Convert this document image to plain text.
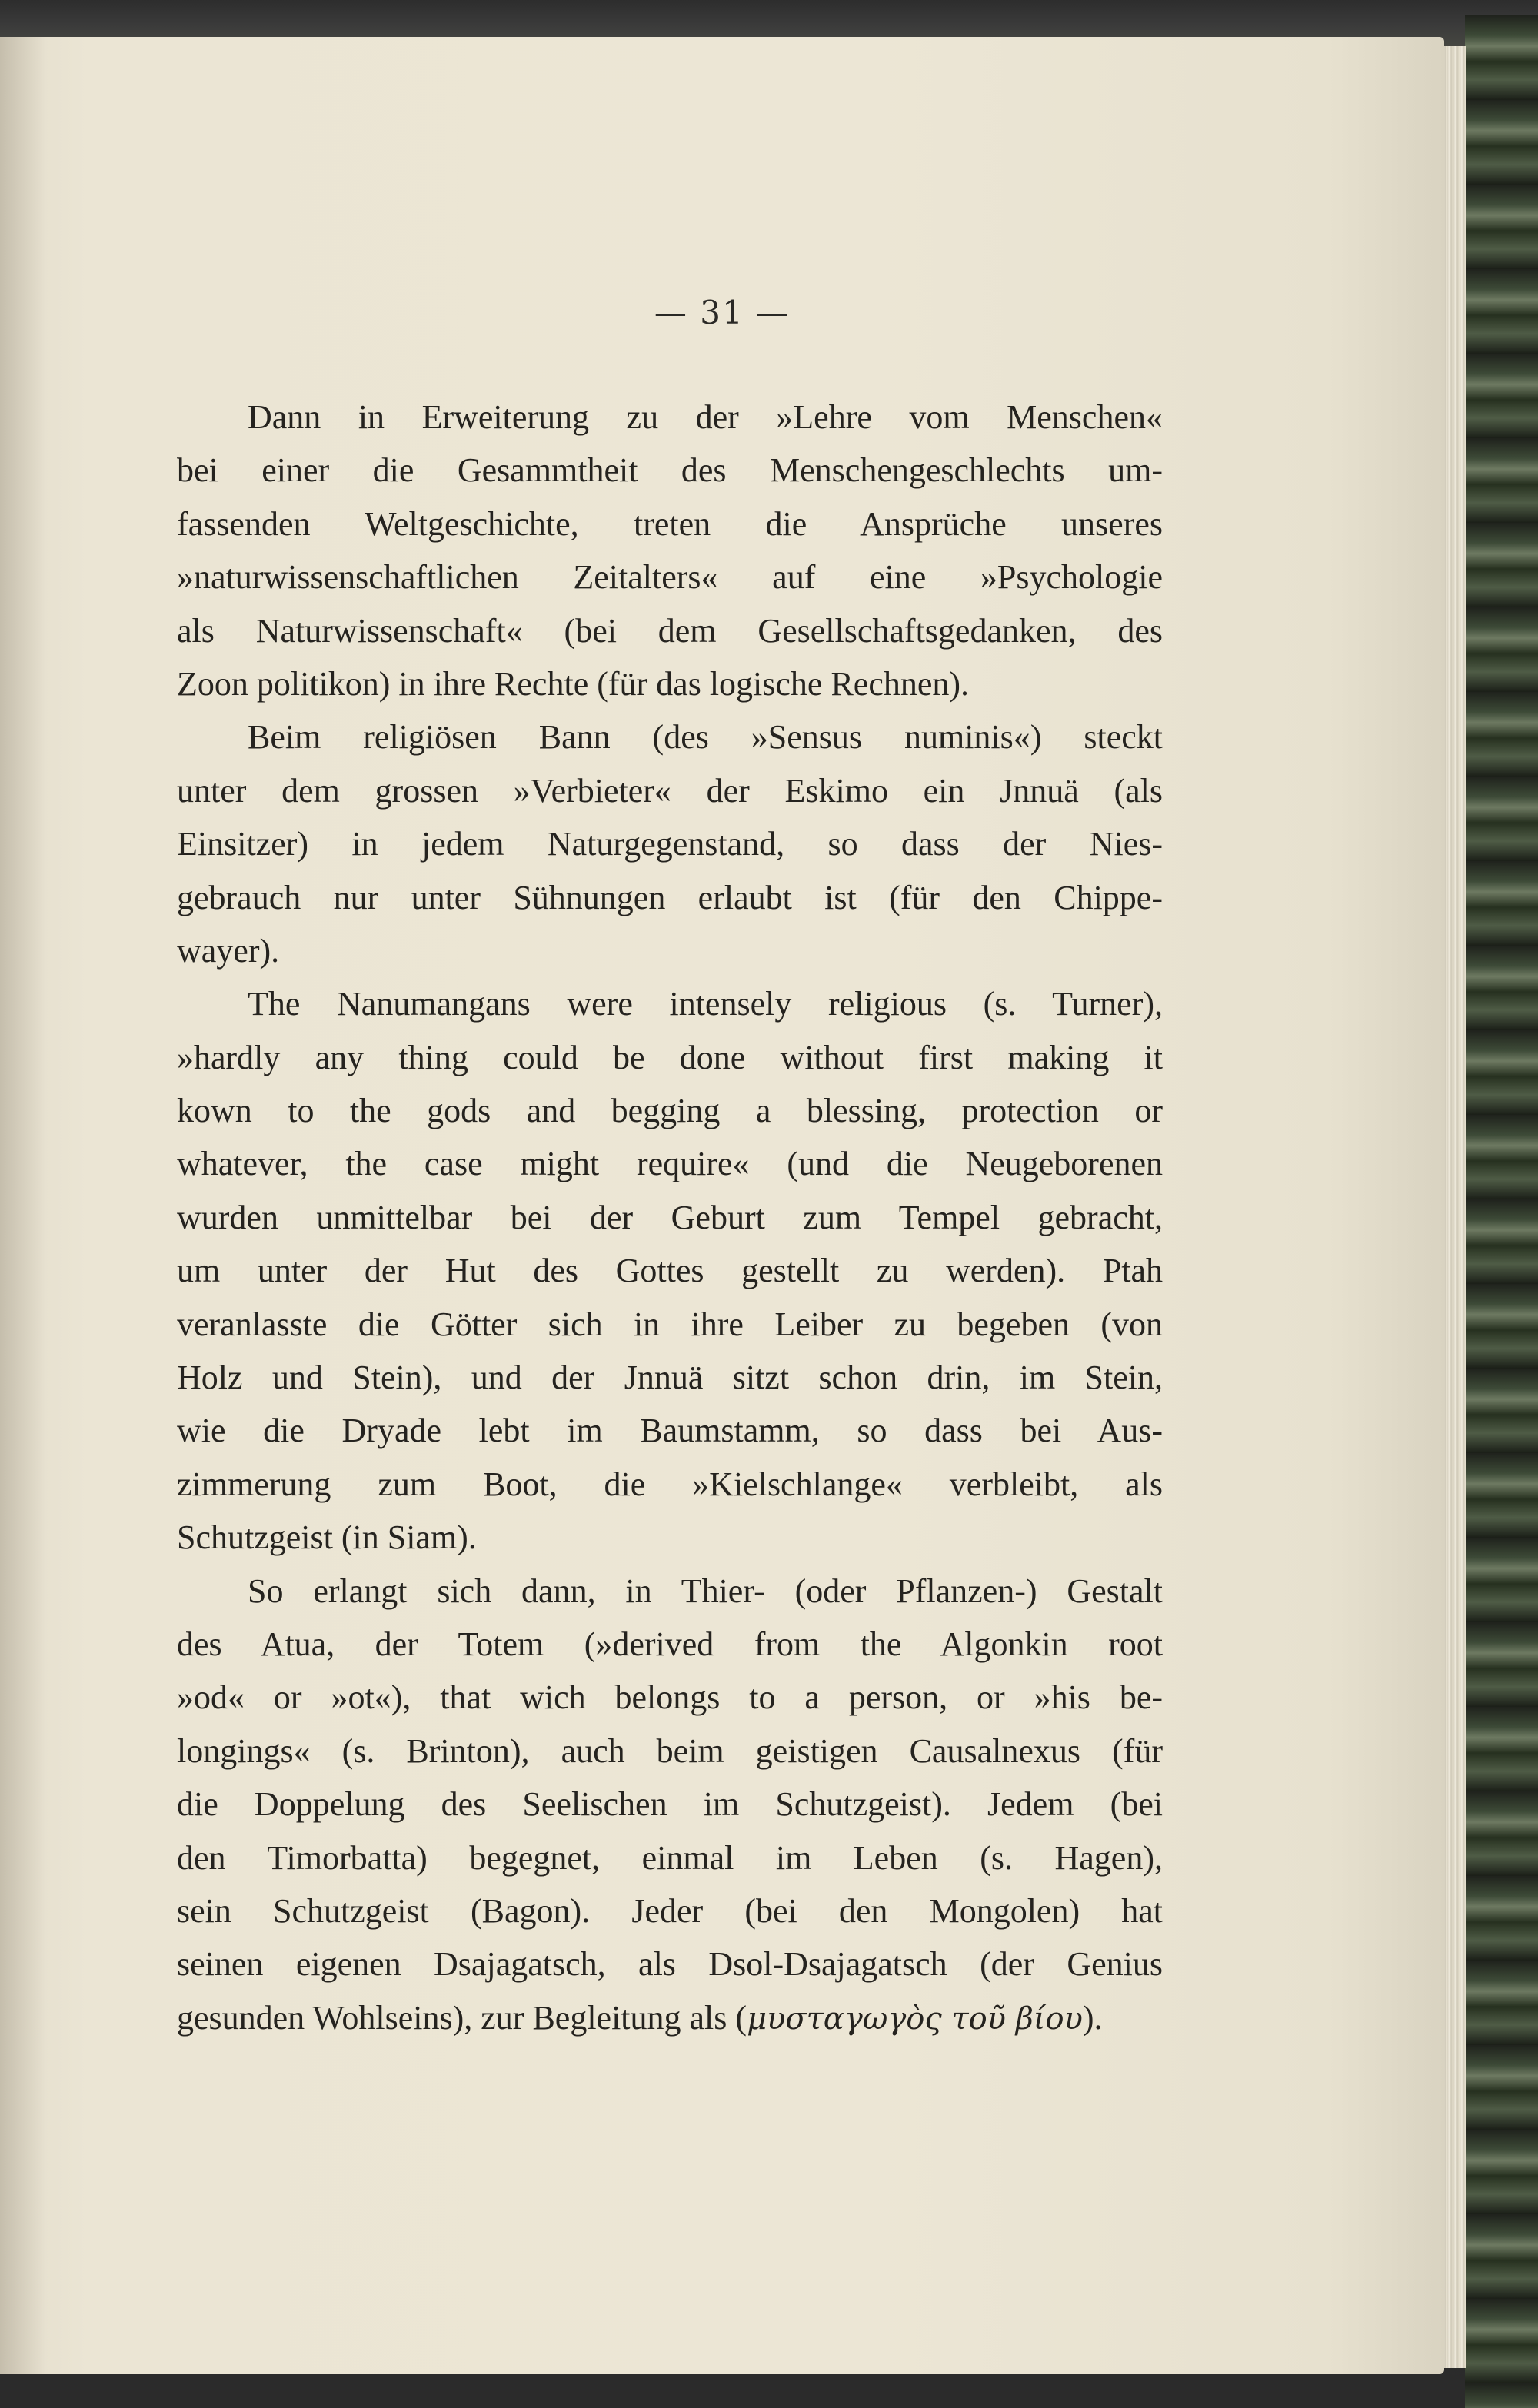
— 31 —

Dann in Erweiterung zu der »Lehre vom Menschen«
bei einer die Gesammtheit des Menschengeschlechts um-
fassenden Weltgeschichte, treten die Ansprüche unseres
»naturwissenschaftlichen Zeitalters« auf eine »Psychologie
als Naturwissenschaft« (bei dem Gesellschaftsgedanken, des
Zoon politikon) in ihre Rechte (für das logische Rechnen).
Beim religiösen Bann (des »Sensus numinis«) steckt
unter dem grossen »Verbieter« der Eskimo ein Jnnuä (als
Einsitzer) in jedem Naturgegenstand, so dass der Nies-
gebrauch nur unter Sühnungen erlaubt ist (für den Chippe-
wayer).
The Nanumangans were intensely religious (s. Turner),
»hardly any thing could be done without first making it
kown to the gods and begging a blessing, protection or
whatever, the case might require« (und die Neugeborenen
wurden unmittelbar bei der Geburt zum Tempel gebracht,
um unter der Hut des Gottes gestellt zu werden). Ptah
veranlasste die Götter sich in ihre Leiber zu begeben (von
Holz und Stein), und der Jnnuä sitzt schon drin, im Stein,
wie die Dryade lebt im Baumstamm, so dass bei Aus-
zimmerung zum Boot, die »Kielschlange« verbleibt, als
Schutzgeist (in Siam).
So erlangt sich dann, in Thier- (oder Pflanzen-) Gestalt
des Atua, der Totem (»derived from the Algonkin root
»od« or »ot«), that wich belongs to a person, or »his be-
longings« (s. Brinton), auch beim geistigen Causalnexus (für
die Doppelung des Seelischen im Schutzgeist). Jedem (bei
den Timorbatta) begegnet, einmal im Leben (s. Hagen),
sein Schutzgeist (Bagon). Jeder (bei den Mongolen) hat
seinen eigenen Dsajagatsch, als Dsol-Dsajagatsch (der Genius
gesunden Wohlseins), zur Begleitung als (μυσταγωγὸς τοῦ βίου).
